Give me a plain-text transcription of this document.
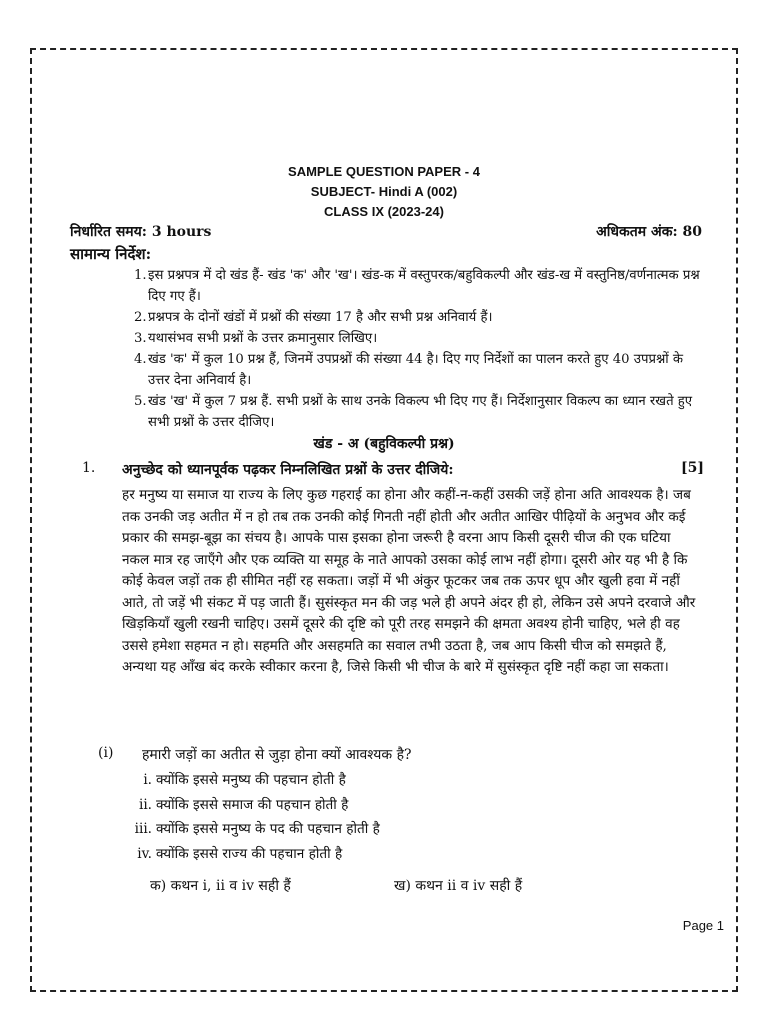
SAMPLE QUESTION PAPER - 4
SUBJECT- Hindi A (002)
CLASS IX (2023-24)
निर्धारित समय: 3 hours	अधिकतम अंक: 80
सामान्य निर्देश:
1. इस प्रश्नपत्र में दो खंड हैं- खंड 'क' और 'ख'। खंड-क में वस्तुपरक/बहुविकल्पी और खंड-ख में वस्तुनिष्ठ/वर्णनात्मक प्रश्न दिए गए हैं।
2. प्रश्नपत्र के दोनों खंडों में प्रश्नों की संख्या 17 है और सभी प्रश्न अनिवार्य हैं।
3. यथासंभव सभी प्रश्नों के उत्तर क्रमानुसार लिखिए।
4. खंड 'क' में कुल 10 प्रश्न हैं, जिनमें उपप्रश्नों की संख्या 44 है। दिए गए निर्देशों का पालन करते हुए 40 उपप्रश्नों के उत्तर देना अनिवार्य है।
5. खंड 'ख' में कुल 7 प्रश्न हैं. सभी प्रश्नों के साथ उनके विकल्प भी दिए गए हैं। निर्देशानुसार विकल्प का ध्यान रखते हुए सभी प्रश्नों के उत्तर दीजिए।
खंड - अ (बहुविकल्पी प्रश्न)
1. अनुच्छेद को ध्यानपूर्वक पढ़कर निम्नलिखित प्रश्नों के उत्तर दीजिये:	[5]

हर मनुष्य या समाज या राज्य के लिए कुछ गहराई का होना और कहीं-न-कहीं उसकी जड़ें होना अति आवश्यक है। जब तक उनकी जड़ अतीत में न हो तब तक उनकी कोई गिनती नहीं होती और अतीत आखिर पीढ़ियों के अनुभव और कई प्रकार की समझ-बूझ का संचय है। आपके पास इसका होना जरूरी है वरना आप किसी दूसरी चीज की एक घटिया नकल मात्र रह जाएँगे और एक व्यक्ति या समूह के नाते आपको उसका कोई लाभ नहीं होगा। दूसरी ओर यह भी है कि कोई केवल जड़ों तक ही सीमित नहीं रह सकता। जड़ों में भी अंकुर फूटकर जब तक ऊपर धूप और खुली हवा में नहीं आते, तो जड़ें भी संकट में पड़ जाती हैं। सुसंस्कृत मन की जड़ भले ही अपने अंदर ही हो, लेकिन उसे अपने दरवाजे और खिड़कियाँ खुली रखनी चाहिए। उसमें दूसरे की दृष्टि को पूरी तरह समझने की क्षमता अवश्य होनी चाहिए, भले ही वह उससे हमेशा सहमत न हो। सहमति और असहमति का सवाल तभी उठता है, जब आप किसी चीज को समझते हैं, अन्यथा यह आँख बंद करके स्वीकार करना है, जिसे किसी भी चीज के बारे में सुसंस्कृत दृष्टि नहीं कहा जा सकता।

(i) हमारी जड़ों का अतीत से जुड़ा होना क्यों आवश्यक है?
i. क्योंकि इससे मनुष्य की पहचान होती है
ii. क्योंकि इससे समाज की पहचान होती है
iii. क्योंकि इससे मनुष्य के पद की पहचान होती है
iv. क्योंकि इससे राज्य की पहचान होती है
क) कथन i, ii व iv सही हैं	ख) कथन ii व iv सही हैं
Page 1
